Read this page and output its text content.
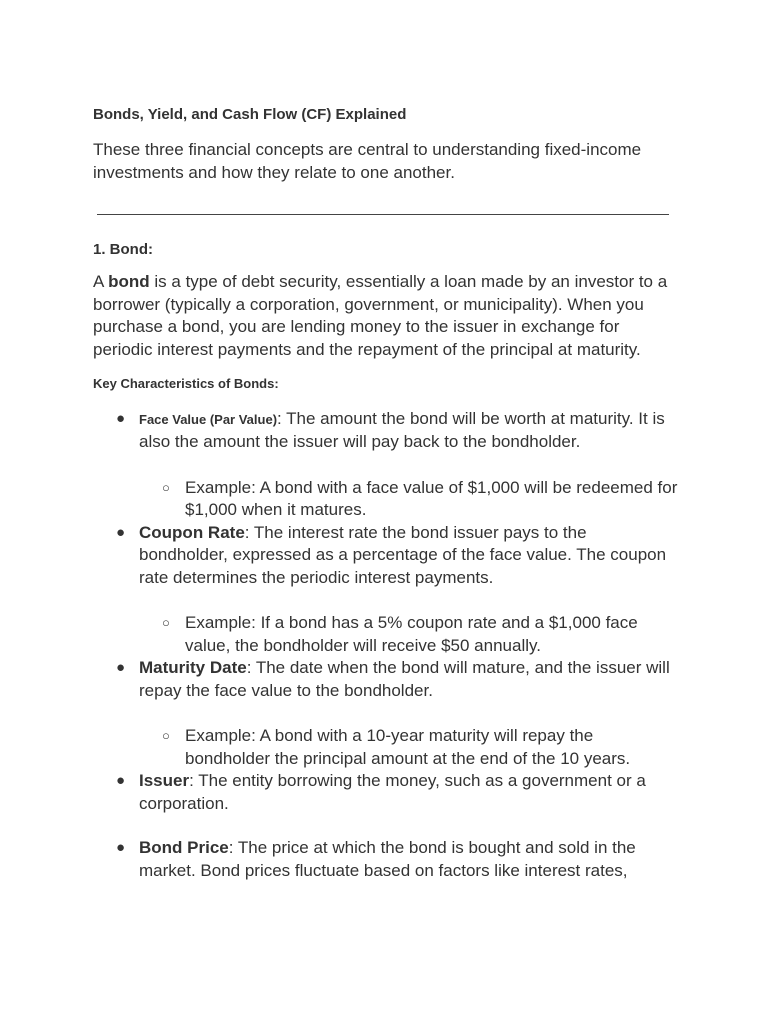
Bonds, Yield, and Cash Flow (CF) Explained

These three financial concepts are central to understanding fixed-income investments and how they relate to one another.

1. Bond:

A bond is a type of debt security, essentially a loan made by an investor to a borrower (typically a corporation, government, or municipality). When you purchase a bond, you are lending money to the issuer in exchange for periodic interest payments and the repayment of the principal at maturity.

Key Characteristics of Bonds:

● Face Value (Par Value): The amount the bond will be worth at maturity. It is also the amount the issuer will pay back to the bondholder.
○ Example: A bond with a face value of $1,000 will be redeemed for $1,000 when it matures.
● Coupon Rate: The interest rate the bond issuer pays to the bondholder, expressed as a percentage of the face value. The coupon rate determines the periodic interest payments.
○ Example: If a bond has a 5% coupon rate and a $1,000 face value, the bondholder will receive $50 annually.
● Maturity Date: The date when the bond will mature, and the issuer will repay the face value to the bondholder.
○ Example: A bond with a 10-year maturity will repay the bondholder the principal amount at the end of the 10 years.
● Issuer: The entity borrowing the money, such as a government or a corporation.
● Bond Price: The price at which the bond is bought and sold in the market. Bond prices fluctuate based on factors like interest rates,
